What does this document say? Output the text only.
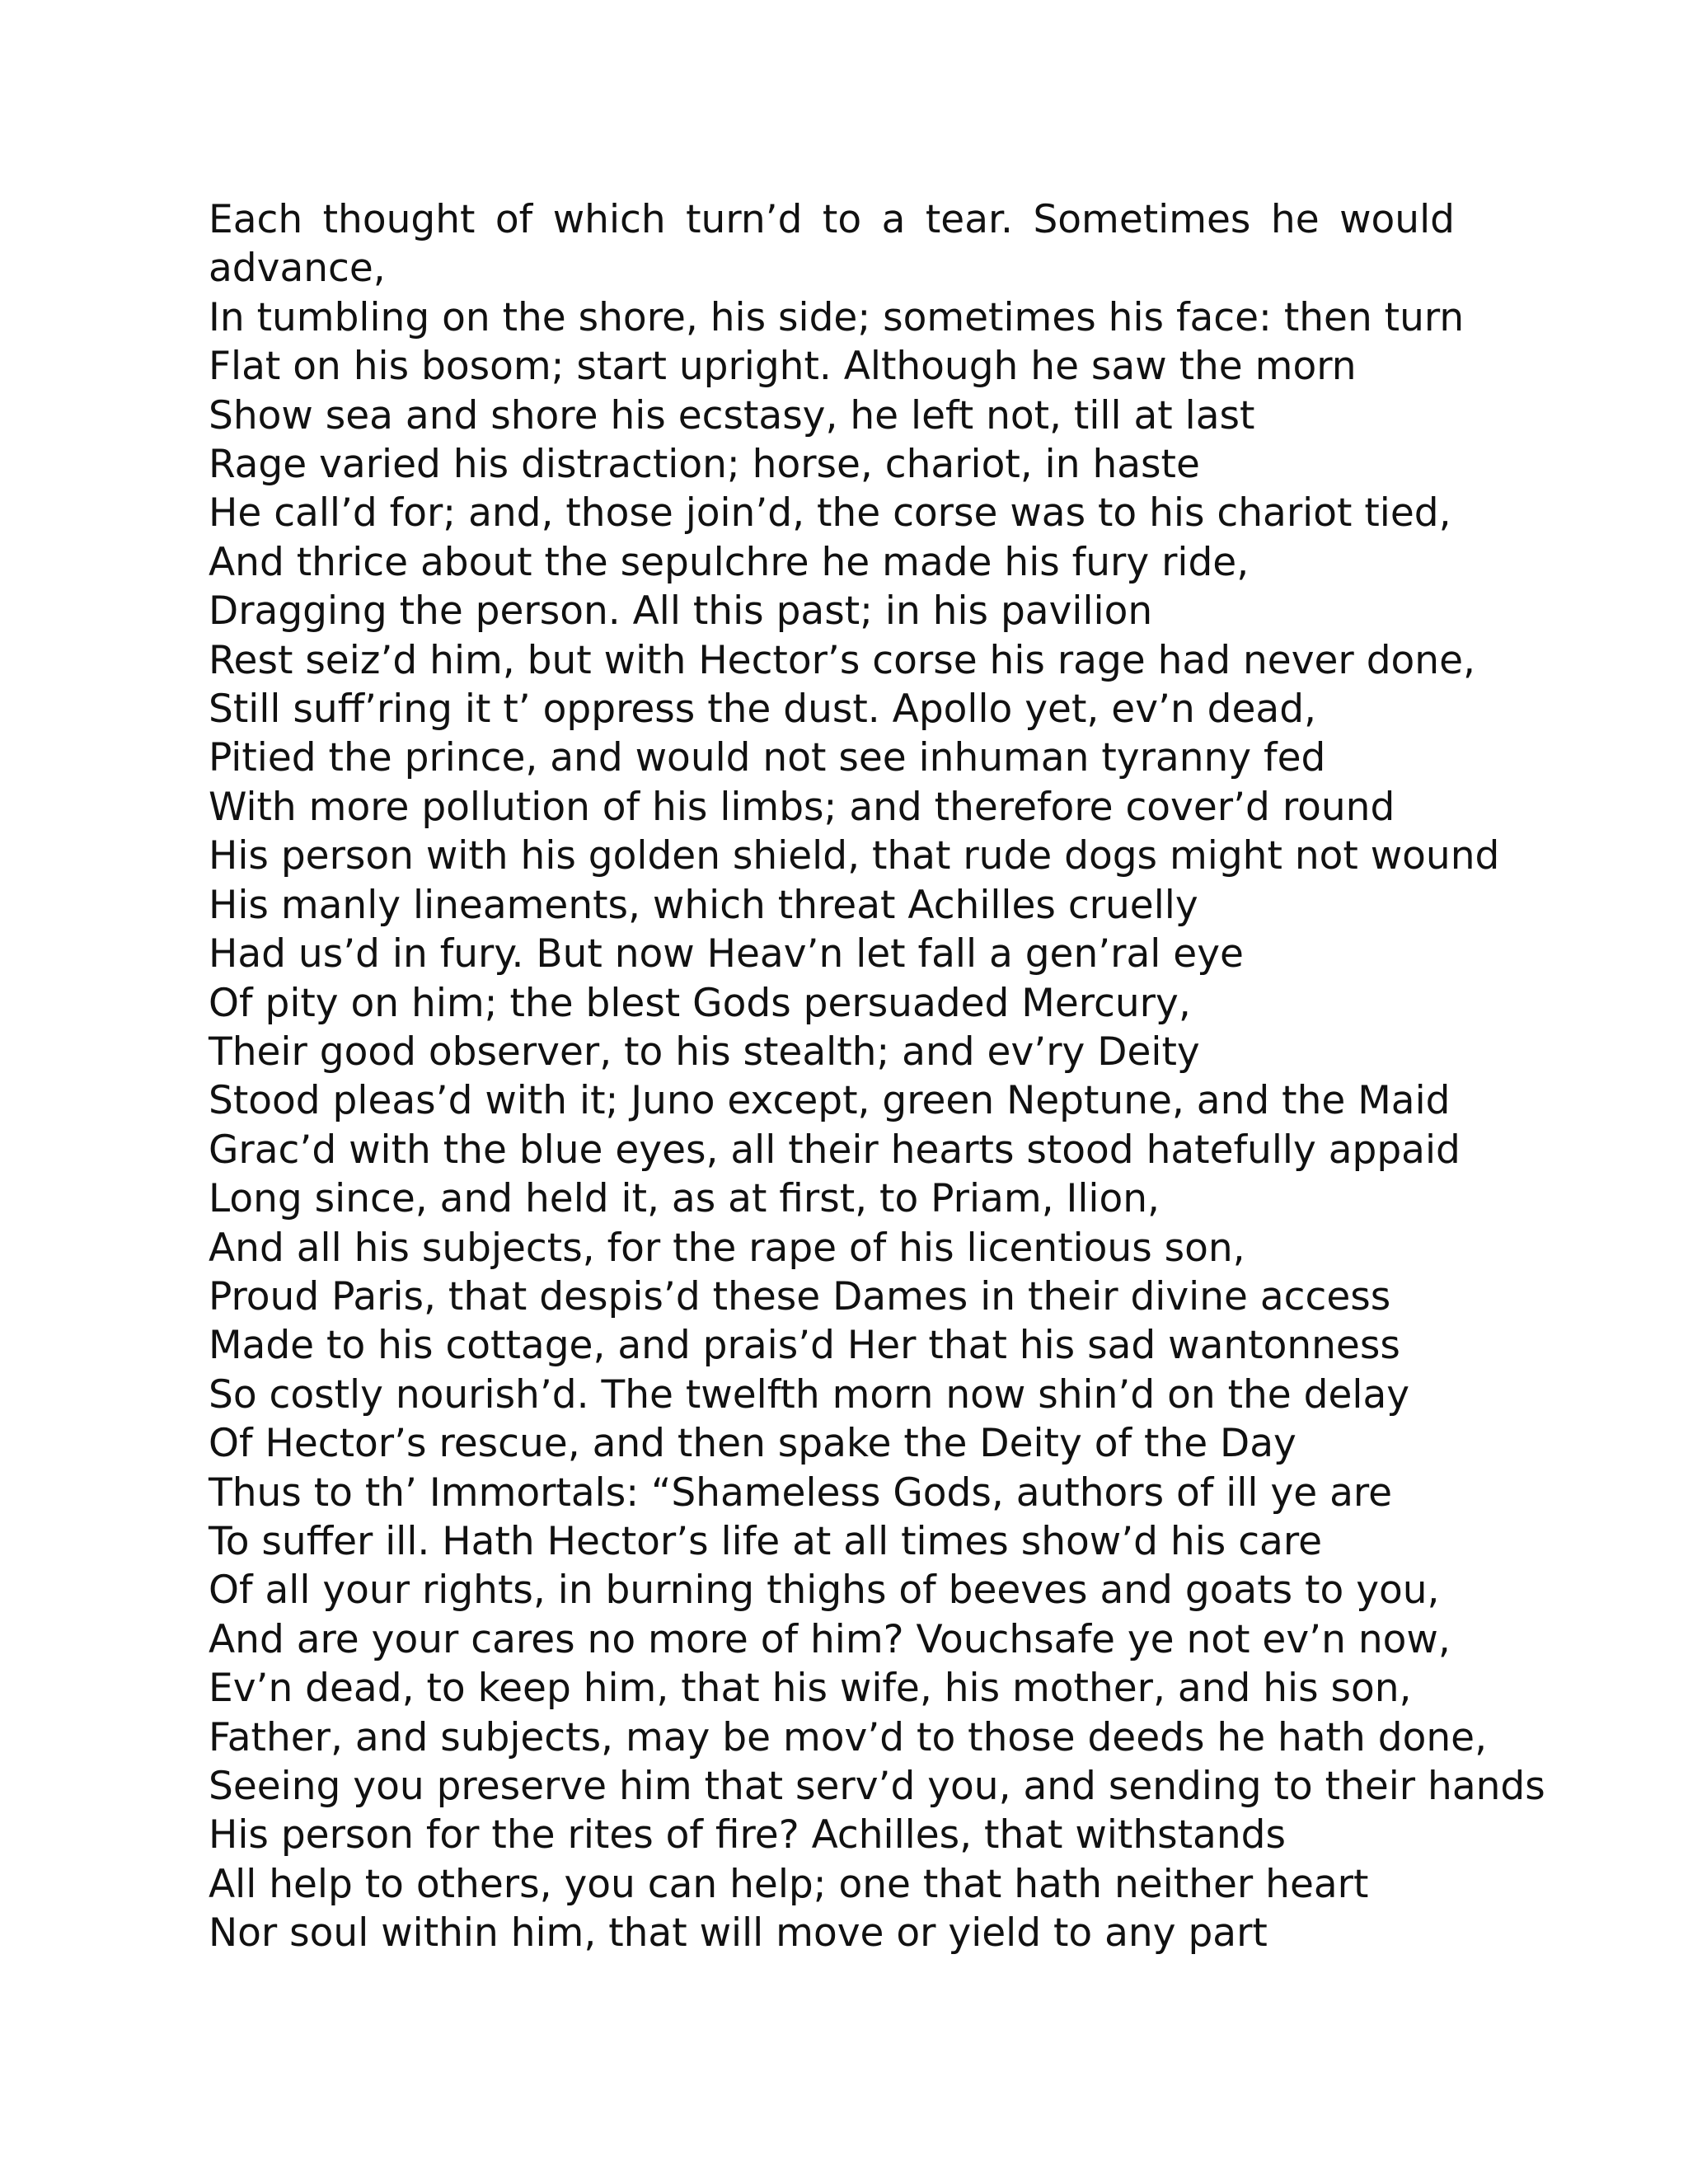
Each thought of which turn’d to a tear. Sometimes he would
advance,
In tumbling on the shore, his side; sometimes his face: then turn
Flat on his bosom; start upright. Although he saw the morn
Show sea and shore his ecstasy, he left not, till at last
Rage varied his distraction; horse, chariot, in haste
He call’d for; and, those join’d, the corse was to his chariot tied,
And thrice about the sepulchre he made his fury ride,
Dragging the person. All this past; in his pavilion
Rest seiz’d him, but with Hector’s corse his rage had never done,
Still suff’ring it t’ oppress the dust. Apollo yet, ev’n dead,
Pitied the prince, and would not see inhuman tyranny fed
With more pollution of his limbs; and therefore cover’d round
His person with his golden shield, that rude dogs might not wound
His manly lineaments, which threat Achilles cruelly
Had us’d in fury. But now Heav’n let fall a gen’ral eye
Of pity on him; the blest Gods persuaded Mercury,
Their good observer, to his stealth; and ev’ry Deity
Stood pleas’d with it; Juno except, green Neptune, and the Maid
Grac’d with the blue eyes, all their hearts stood hatefully appaid
Long since, and held it, as at first, to Priam, Ilion,
And all his subjects, for the rape of his licentious son,
Proud Paris, that despis’d these Dames in their divine access
Made to his cottage, and prais’d Her that his sad wantonness
So costly nourish’d. The twelfth morn now shin’d on the delay
Of Hector’s rescue, and then spake the Deity of the Day
Thus to th’ Immortals: “Shameless Gods, authors of ill ye are
To suffer ill. Hath Hector’s life at all times show’d his care
Of all your rights, in burning thighs of beeves and goats to you,
And are your cares no more of him? Vouchsafe ye not ev’n now,
Ev’n dead, to keep him, that his wife, his mother, and his son,
Father, and subjects, may be mov’d to those deeds he hath done,
Seeing you preserve him that serv’d you, and sending to their hands
His person for the rites of fire? Achilles, that withstands
All help to others, you can help; one that hath neither heart
Nor soul within him, that will move or yield to any part
